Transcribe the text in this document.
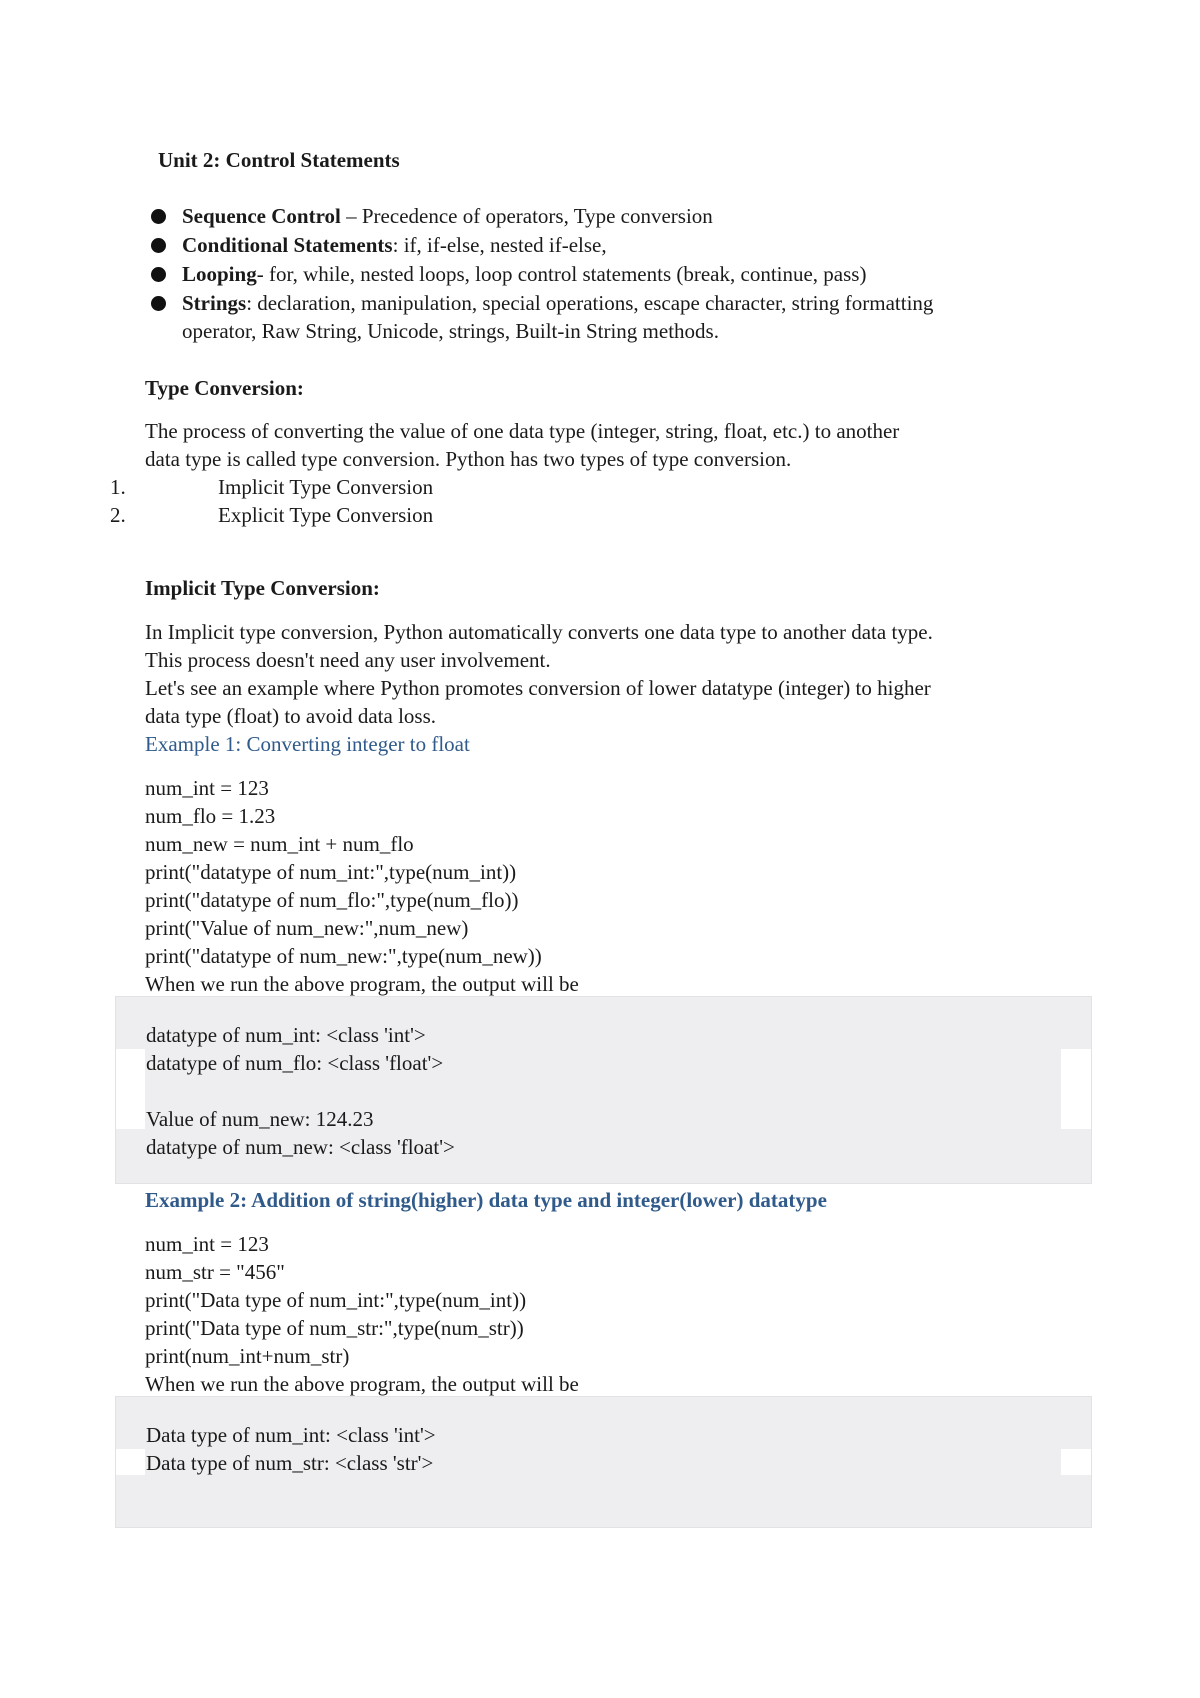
Unit 2: Control Statements
Sequence Control – Precedence of operators, Type conversion
Conditional Statements: if, if-else, nested if-else,
Looping- for, while, nested loops, loop control statements (break, continue, pass)
Strings: declaration, manipulation, special operations, escape character, string formatting
operator, Raw String, Unicode, strings, Built-in String methods.
Type Conversion:
The process of converting the value of one data type (integer, string, float, etc.) to another
data type is called type conversion. Python has two types of type conversion.
1.	Implicit Type Conversion
2.	Explicit Type Conversion
Implicit Type Conversion:
In Implicit type conversion, Python automatically converts one data type to another data type.
This process doesn't need any user involvement.
Let's see an example where Python promotes conversion of lower datatype (integer) to higher
data type (float) to avoid data loss.
Example 1: Converting integer to float
num_int = 123
num_flo = 1.23
num_new = num_int + num_flo
print("datatype of num_int:",type(num_int))
print("datatype of num_flo:",type(num_flo))
print("Value of num_new:",num_new)
print("datatype of num_new:",type(num_new))
When we run the above program, the output will be
datatype of num_int: <class 'int'>
datatype of num_flo: <class 'float'>
Value of num_new: 124.23
datatype of num_new: <class 'float'>
Example 2: Addition of string(higher) data type and integer(lower) datatype
num_int = 123
num_str = "456"
print("Data type of num_int:",type(num_int))
print("Data type of num_str:",type(num_str))
print(num_int+num_str)
When we run the above program, the output will be
Data type of num_int: <class 'int'>
Data type of num_str: <class 'str'>
